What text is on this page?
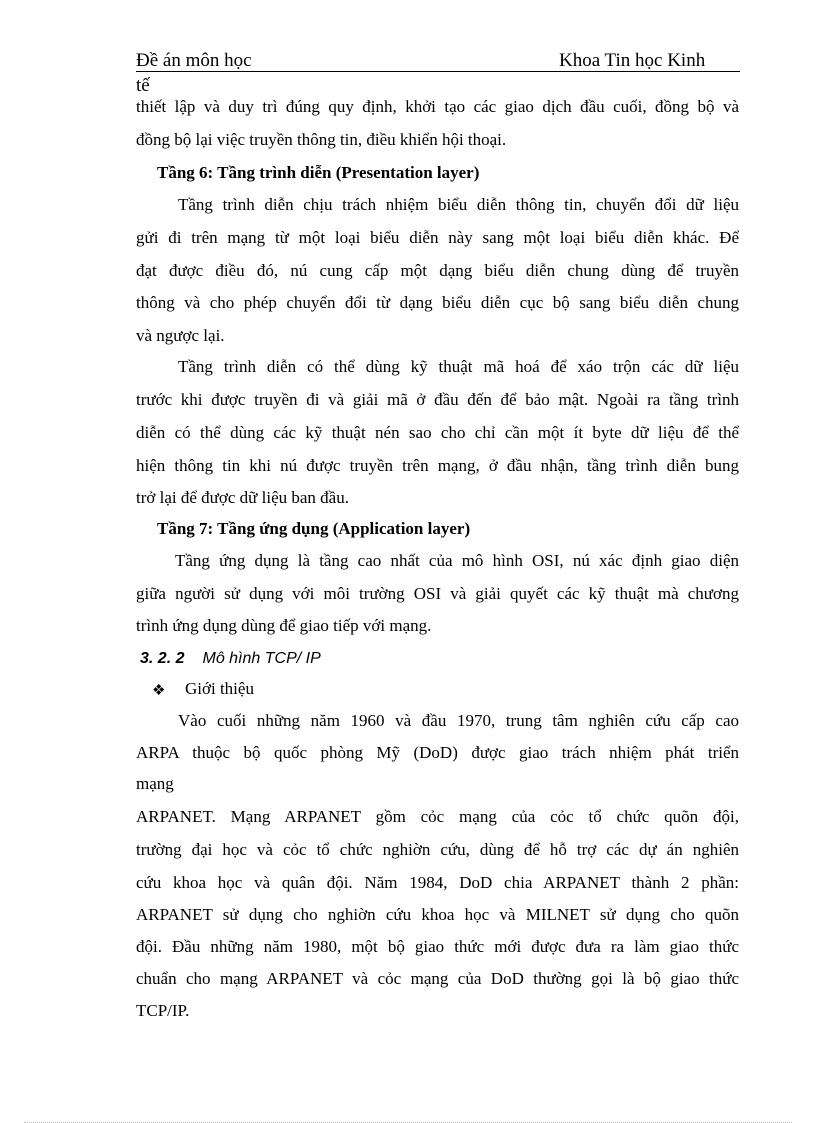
Đề án môn học	Khoa Tin học Kinh
tế
thiết lập và duy trì đúng quy định, khởi tạo các giao dịch đầu cuối, đồng bộ và
đồng bộ lại việc truyền thông tin, điều khiển hội thoại.
Tầng 6: Tầng trình diễn (Presentation layer)
Tầng trình diễn chịu trách nhiệm biểu diễn thông tin, chuyển đổi dữ liệu
gửi đi trên mạng từ một loại biểu diễn này sang một loại biểu diễn khác. Để
đạt được điều đó, nú cung cấp một dạng biểu diễn chung dùng để truyền
thông và cho phép chuyển đổi từ dạng biểu diễn cục bộ sang biểu diễn chung
và ngược lại.
Tầng trình diễn có thể dùng kỹ thuật mã hoá để xáo trộn các dữ liệu
trước khi được truyền đi và giải mã ở đầu đến để bảo mật. Ngoài ra tầng trình
diễn có thể dùng các kỹ thuật nén sao cho chỉ cần một ít byte dữ liệu để thể
hiện thông tin khi nú được truyền trên mạng, ở đầu nhận, tầng trình diễn bung
trở lại để được dữ liệu ban đầu.
Tầng 7: Tầng ứng dụng (Application layer)
Tầng ứng dụng là tầng cao nhất của mô hình OSI, nú xác định giao diện
giữa người sử dụng với môi trường OSI và giải quyết các kỹ thuật mà chương
trình ứng dụng dùng để giao tiếp với mạng.
3. 2. 2 Mô hình TCP/ IP
❖ Giới thiệu
Vào cuối những năm 1960 và đầu 1970, trung tâm nghiên cứu cấp cao
ARPA thuộc bộ quốc phòng Mỹ (DoD) được giao trách nhiệm phát triển
mạng
ARPANET. Mạng ARPANET gồm cỏc mạng của cỏc tổ chức quõn đội,
trường đại học và cỏc tổ chức nghiờn cứu, dùng để hỗ trợ các dự án nghiên
cứu khoa học và quân đội. Năm 1984, DoD chia ARPANET thành 2 phần:
ARPANET sử dụng cho nghiờn cứu khoa học và MILNET sử dụng cho quõn
đội. Đầu những năm 1980, một bộ giao thức mới được đưa ra làm giao thức
chuẩn cho mạng ARPANET và cỏc mạng của DoD thường gọi là bộ giao thức
TCP/IP.
